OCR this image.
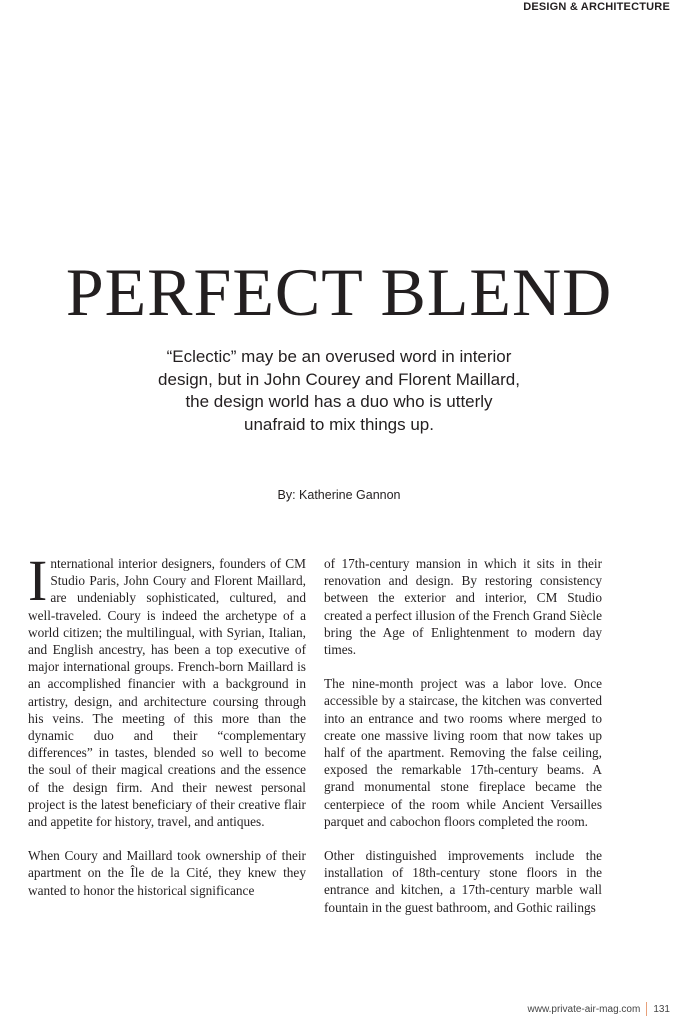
DESIGN & ARCHITECTURE
PERFECT BLEND
“Eclectic” may be an overused word in interior
design, but in John Courey and Florent Maillard,
the design world has a duo who is utterly
unafraid to mix things up.
By: Katherine Gannon

International interior designers, founders of CM Studio Paris, John Coury and Florent Maillard, are undeniably sophisticated, cultured, and well-traveled. Coury is indeed the archetype of a world citizen; the multilingual, with Syrian, Italian, and English ancestry, has been a top executive of major international groups. French-born Maillard is an accomplished financier with a background in artistry, design, and architecture coursing through his veins. The meeting of this more than the dynamic duo and their “complementary differences” in tastes, blended so well to become the soul of their magical creations and the essence of the design firm. And their newest personal project is the latest beneficiary of their creative flair and appetite for history, travel, and antiques.

When Coury and Maillard took ownership of their apartment on the Île de la Cité, they knew they wanted to honor the historical significance

of 17th-century mansion in which it sits in their renovation and design. By restoring consistency between the exterior and interior, CM Studio created a perfect illusion of the French Grand Siècle bring the Age of Enlightenment to modern day times.

The nine-month project was a labor love. Once accessible by a staircase, the kitchen was converted into an entrance and two rooms where merged to create one massive living room that now takes up half of the apartment. Removing the false ceiling, exposed the remarkable 17th-century beams. A grand monumental stone fireplace became the centerpiece of the room while Ancient Versailles parquet and cabochon floors completed the room.

Other distinguished improvements include the installation of 18th-century stone floors in the entrance and kitchen, a 17th-century marble wall fountain in the guest bathroom, and Gothic railings

www.private-air-mag.com 131
